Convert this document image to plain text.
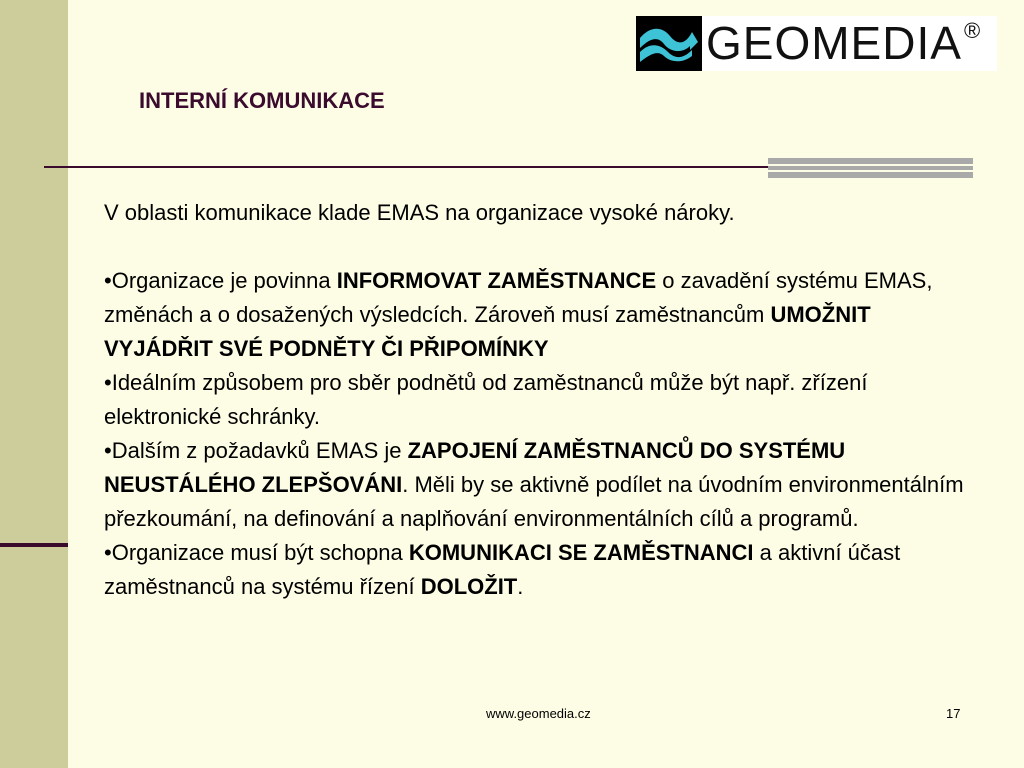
GEOMEDIA®
INTERNÍ KOMUNIKACE

V oblasti komunikace klade EMAS na organizace vysoké nároky.

•Organizace je povinna INFORMOVAT ZAMĚSTNANCE o zavadění systému EMAS, změnách a o dosažených výsledcích. Zároveň musí zaměstnancům UMOŽNIT VYJÁDŘIT SVÉ PODNĚTY ČI PŘIPOMÍNKY

•Ideálním způsobem pro sběr podnětů od zaměstnanců může být např. zřízení elektronické schránky.

•Dalším z požadavků EMAS je ZAPOJENÍ ZAMĚSTNANCŮ DO SYSTÉMU NEUSTÁLÉHO ZLEPŠOVÁNI. Měli by se aktivně podílet na úvodním environmentálním přezkoumání, na definování a naplňování environmentálních cílů a programů.

•Organizace musí být schopna KOMUNIKACI SE ZAMĚSTNANCI a aktivní účast zaměstnanců na systému řízení DOLOŽIT.

www.geomedia.cz	17
